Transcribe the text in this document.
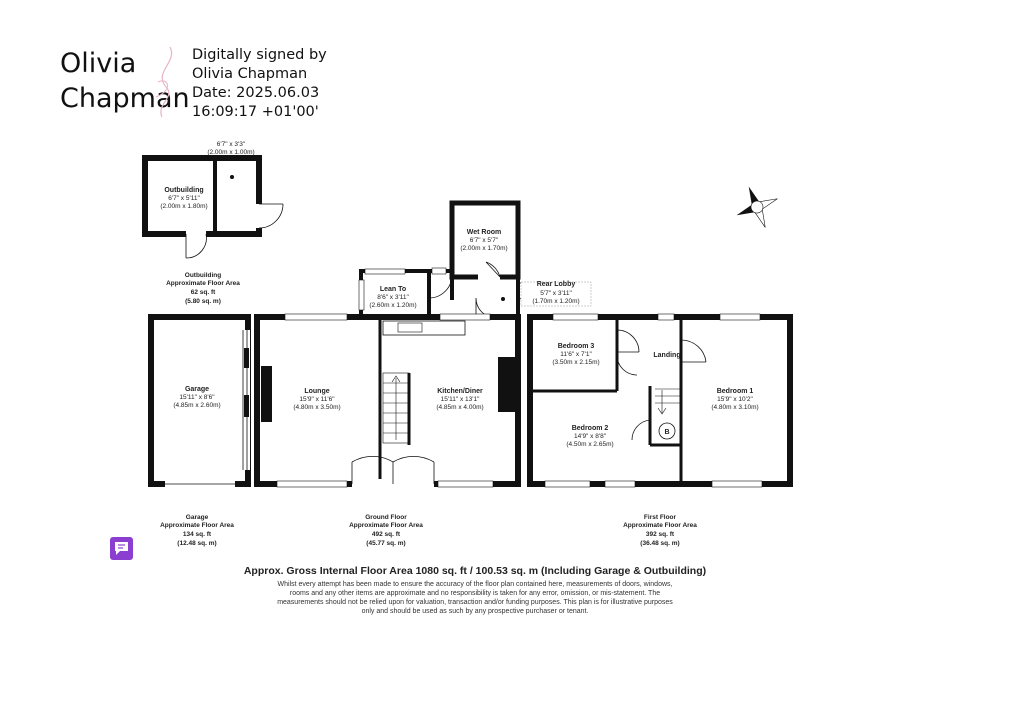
Olivia
Chapman
Digitally signed by
Olivia Chapman
Date: 2025.06.03
16:09:17 +01'00'
6'7" x 3'3"
(2.00m x 1.00m)
Outbuilding
6'7" x 5'11"
(2.00m x 1.80m)
Outbuilding
Approximate Floor Area
62 sq. ft
(5.80 sq. m)
Wet Room
6'7" x 5'7"
(2.00m x 1.70m)
Lean To
8'6" x 3'11"
(2.60m x 1.20m)
Rear Lobby
5'7" x 3'11"
(1.70m x 1.20m)
Garage
15'11" x 8'6"
(4.85m x 2.60m)
Lounge
15'9" x 11'6"
(4.80m x 3.50m)
Kitchen/Diner
15'11" x 13'1"
(4.85m x 4.00m)
Bedroom 3
11'6" x 7'1"
(3.50m x 2.15m)
Landing
Bedroom 1
15'9" x 10'2"
(4.80m x 3.10m)
Bedroom 2
14'9" x 8'8"
(4.50m x 2.65m)
B
Garage
Approximate Floor Area
134 sq. ft
(12.48 sq. m)
Ground Floor
Approximate Floor Area
492 sq. ft
(45.77 sq. m)
First Floor
Approximate Floor Area
392 sq. ft
(36.48 sq. m)
Approx. Gross Internal Floor Area 1080 sq. ft / 100.53 sq. m (Including Garage & Outbuilding)
Whilst every attempt has been made to ensure the accuracy of the floor plan contained here, measurements of doors, windows,
rooms and any other items are approximate and no responsibility is taken for any error, omission, or mis-statement. The
measurements should not be relied upon for valuation, transaction and/or funding purposes. This plan is for illustrative purposes
only and should be used as such by any prospective purchaser or tenant.
